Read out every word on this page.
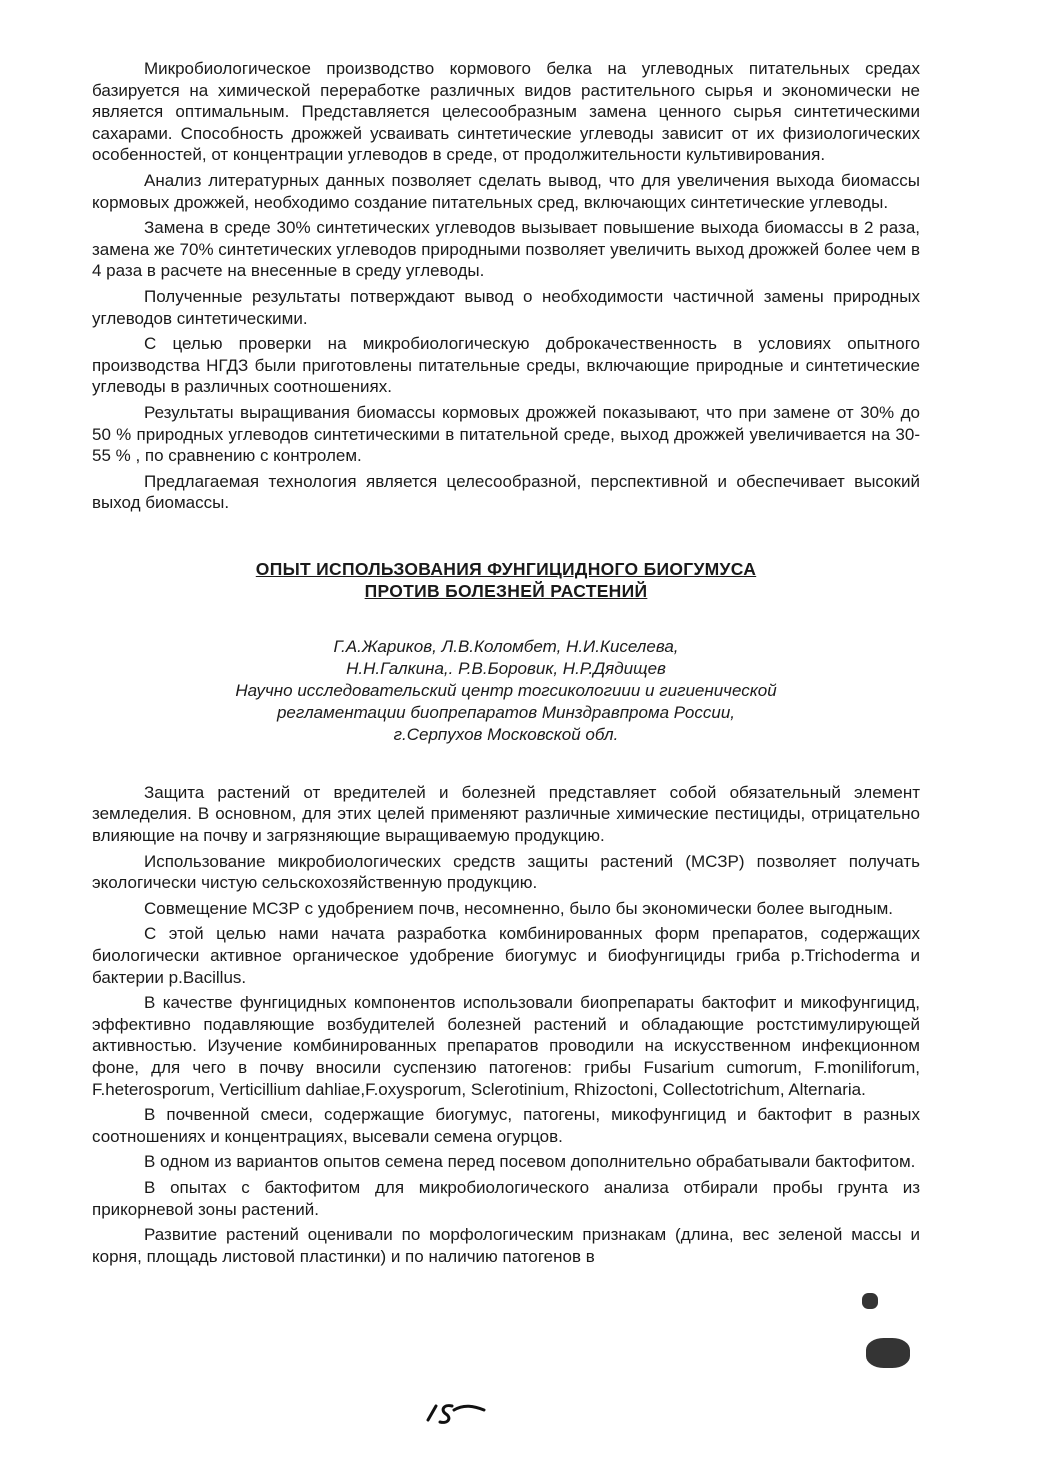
Микробиологическое производство кормового белка на углеводных питательных средах базируется на химической переработке различных видов растительного сырья и экономически не является оптимальным. Представляется целесообразным замена ценного сырья синтетическими сахарами. Способность дрожжей усваивать синтетические углеводы зависит от их физиологических особенностей, от концентрации углеводов в среде, от продолжительности культивирования.

Анализ литературных данных позволяет сделать вывод, что для увеличения выхода биомассы кормовых дрожжей, необходимо создание питательных сред, включающих синтетические углеводы.

Замена в среде 30% синтетических углеводов вызывает повышение выхода биомассы в 2 раза, замена же 70% синтетических углеводов природными позволяет увеличить выход дрожжей более чем в 4 раза в расчете на внесенные в среду углеводы.

Полученные результаты потверждают вывод о необходимости частичной замены природных углеводов синтетическими.

С целью проверки на микробиологическую доброкачественность в условиях опытного производства НГДЗ были приготовлены питательные среды, включающие природные и синтетические углеводы в различных соотношениях.

Результаты выращивания биомассы кормовых дрожжей показывают, что при замене от 30% до 50 % природных углеводов синтетическими в питательной среде, выход дрожжей увеличивается на 30-55 % , по сравнению с контролем.

Предлагаемая технология является целесообразной, перспективной и обеспечивает высокий выход биомассы.

ОПЫТ ИСПОЛЬЗОВАНИЯ ФУНГИЦИДНОГО БИОГУМУСА
ПРОТИВ БОЛЕЗНЕЙ РАСТЕНИЙ
Г.А.Жариков, Л.В.Коломбет, Н.И.Киселева,
Н.Н.Галкина,. Р.В.Боровик, Н.Р.Дядищев
Научно исследовательский центр тогсикологиии и гигиенической
регламентации биопрепаратов Минздравпрома России,
г.Серпухов Московской обл.

Защита растений от вредителей и болезней представляет собой обязательный элемент земледелия. В основном, для этих целей применяют различные химические пестициды, отрицательно влияющие на почву и загрязняющие выращиваемую продукцию.

Использование микробиологических средств защиты растений (МСЗР) позволяет получать экологически чистую сельскохозяйственную продукцию.

Совмещение МСЗР с удобрением почв, несомненно, было бы экономически более выгодным.

С этой целью нами начата разработка комбинированных форм препаратов, содержащих биологически активное органическое удобрение биогумус и биофунгициды гриба p.Trichoderma и бактерии p.Bacillus.

В качестве фунгицидных компонентов использовали биопрепараты бактофит и микофунгицид, эффективно подавляющие возбудителей болезней растений и обладающие ростстимулирующей активностью. Изучение комбинированных препаратов проводили на искусственном инфекционном фоне, для чего в почву вносили суспензию патогенов: грибы Fusarium cumorum, F.moniliforum, F.heterosporum, Verticillium dahliae,F.oxysporum, Sclerotinium, Rhizoctoni, Collectotrichum, Alternaria.

В почвенной смеси, содержащие биогумус, патогены, микофунгицид и бактофит в разных соотношениях и концентрациях, высевали семена огурцов.

В одном из вариантов опытов семена перед посевом дополнительно обрабатывали бактофитом.

В опытах с бактофитом для микробиологического анализа отбирали пробы грунта из прикорневой зоны растений.

Развитие растений оценивали по морфологическим признакам (длина, вес зеленой массы и корня, площадь листовой пластинки) и по наличию патогенов в
